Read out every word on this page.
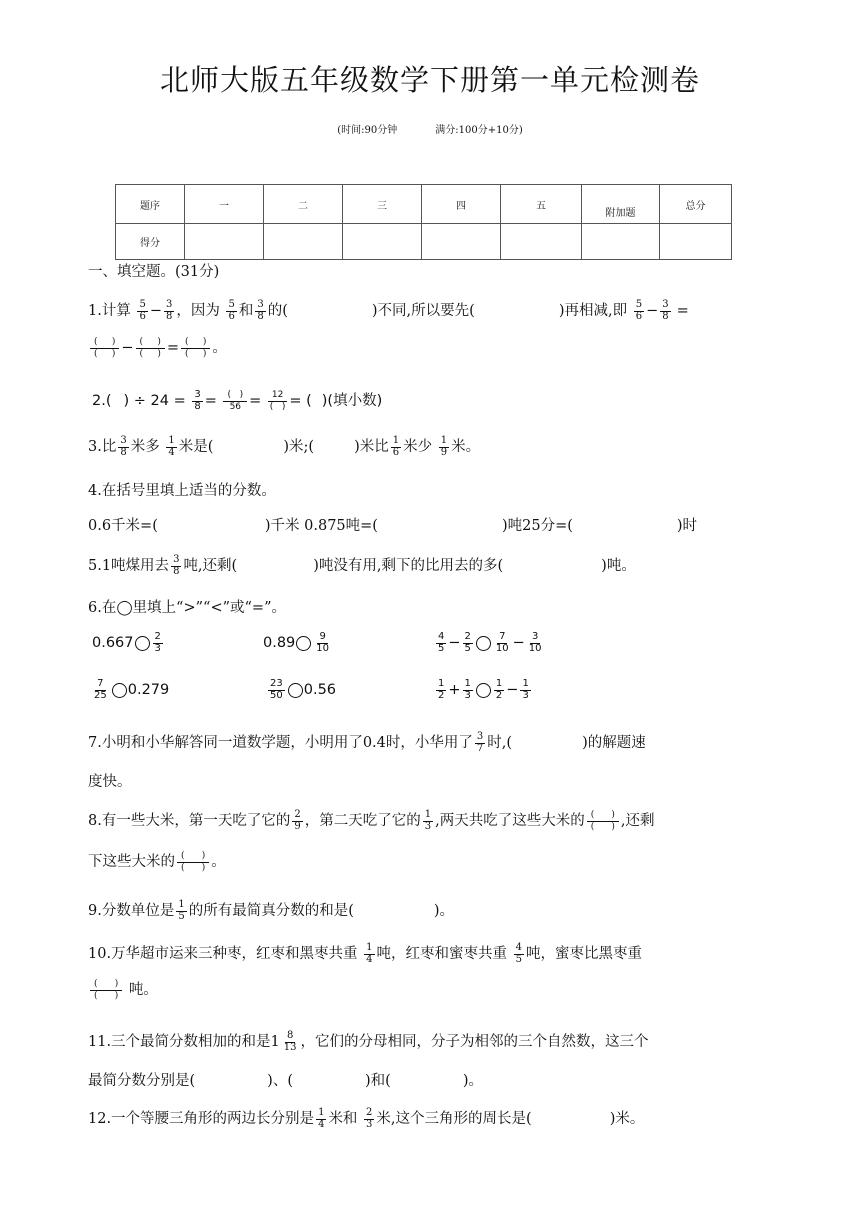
北师大版五年级数学下册第一单元检测卷
(时间:90分钟	满分:100分+10分)
题序	一	二	三	四	五	附加题	总分
得分							
一、填空题。(31分)
1.计算 $\frac{5}{6} - \frac{3}{8}$ ，因为 $\frac{5}{6}$ 和 $\frac{3}{8}$ 的(	)不同,所以要先(	)再相减,即 $\frac{5}{6} - \frac{3}{8}$ =
( )
( ) − ( )
( ) = ( )
( ) 。
2.( ) ÷ $24 = \frac{3}{8}$ =	( )
56 =	12
( ) = ( )(填小数)
3.比 $\frac{3}{8}$ 米多 $\frac{1}{4}$ 米是(	)米;(	)米比 $\frac{1}{6}$ 米少 $\frac{1}{9}$ 米。
4.在括号里填上适当的分数。
0.6千米=(	)千米 0.875吨=(	)吨25分=(	)时
5.1吨煤用去 $\frac{3}{8}$ 吨,还剩(	)吨没有用,剩下的比用去的多(	)吨。
6.在◯里填上“>”“<”或“=”。
$0.667 \frac{2}{3}$	$0.89 \frac{9}{10}$	$\frac{4}{5} - \frac{2}{5} \frac{7}{10} - \frac{3}{10}$
$\frac{7}{25} 0.279$	$\frac{23}{50} 0.56$	$\frac{1}{2} + \frac{1}{3} \frac{1}{2} - \frac{1}{3}$
7.小明和小华解答同一道数学题，小明用了0.4时，小华用了 $\frac{3}{7}$ 时,(	)的解题速
度快。
8.有一些大米，第一天吃了它的 $\frac{2}{9}$ ，第二天吃了它的 $\frac{1}{3}$ ,两天共吃了这些大米的 ( )
( ) ,还剩
下这些大米的 ( )
( ) 。
9.分数单位是 $\frac{1}{5}$ 的所有最简真分数的和是(	)。
10.万华超市运来三种枣，红枣和黑枣共重 $\frac{1}{4}$ 吨，红枣和蜜枣共重 $\frac{4}{5}$ 吨，蜜枣比黑枣重
( )
( ) 吨。
11.三个最简分数相加的和是$1 \frac{8}{13}$ ，它们的分母相同，分子为相邻的三个自然数，这三个
最简分数分别是(	)、(	)和(	)。
12.一个等腰三角形的两边长分别是 $\frac{1}{4}$ 米和 $\frac{2}{3}$ 米,这个三角形的周长是(	)米。
